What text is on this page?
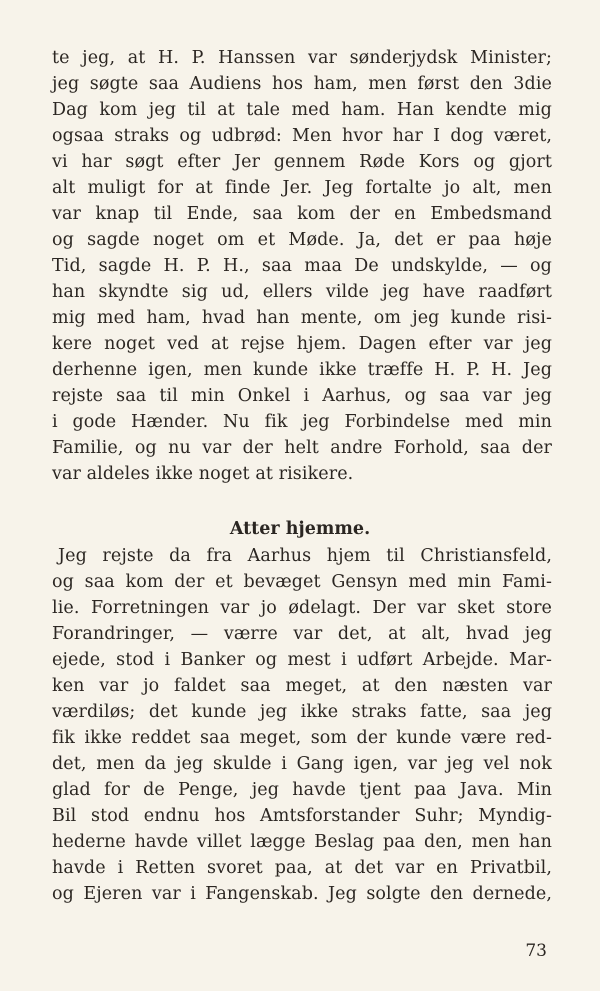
te jeg, at H. P. Hanssen var sønderjydsk Minister;
jeg søgte saa Audiens hos ham, men først den 3die
Dag kom jeg til at tale med ham. Han kendte mig
ogsaa straks og udbrød: Men hvor har I dog været,
vi har søgt efter Jer gennem Røde Kors og gjort
alt muligt for at finde Jer. Jeg fortalte jo alt, men
var knap til Ende, saa kom der en Embedsmand
og sagde noget om et Møde. Ja, det er paa høje
Tid, sagde H. P. H., saa maa De undskylde, — og
han skyndte sig ud, ellers vilde jeg have raadført
mig med ham, hvad han mente, om jeg kunde risi-
kere noget ved at rejse hjem. Dagen efter var jeg
derhenne igen, men kunde ikke træffe H. P. H. Jeg
rejste saa til min Onkel i Aarhus, og saa var jeg
i gode Hænder. Nu fik jeg Forbindelse med min
Familie, og nu var der helt andre Forhold, saa der
var aldeles ikke noget at risikere.
Atter hjemme.
Jeg rejste da fra Aarhus hjem til Christiansfeld,
og saa kom der et bevæget Gensyn med min Fami-
lie. Forretningen var jo ødelagt. Der var sket store
Forandringer, — værre var det, at alt, hvad jeg
ejede, stod i Banker og mest i udført Arbejde. Mar-
ken var jo faldet saa meget, at den næsten var
værdiløs; det kunde jeg ikke straks fatte, saa jeg
fik ikke reddet saa meget, som der kunde være red-
det, men da jeg skulde i Gang igen, var jeg vel nok
glad for de Penge, jeg havde tjent paa Java. Min
Bil stod endnu hos Amtsforstander Suhr; Myndig-
hederne havde villet lægge Beslag paa den, men han
havde i Retten svoret paa, at det var en Privatbil,
og Ejeren var i Fangenskab. Jeg solgte den dernede,
73
